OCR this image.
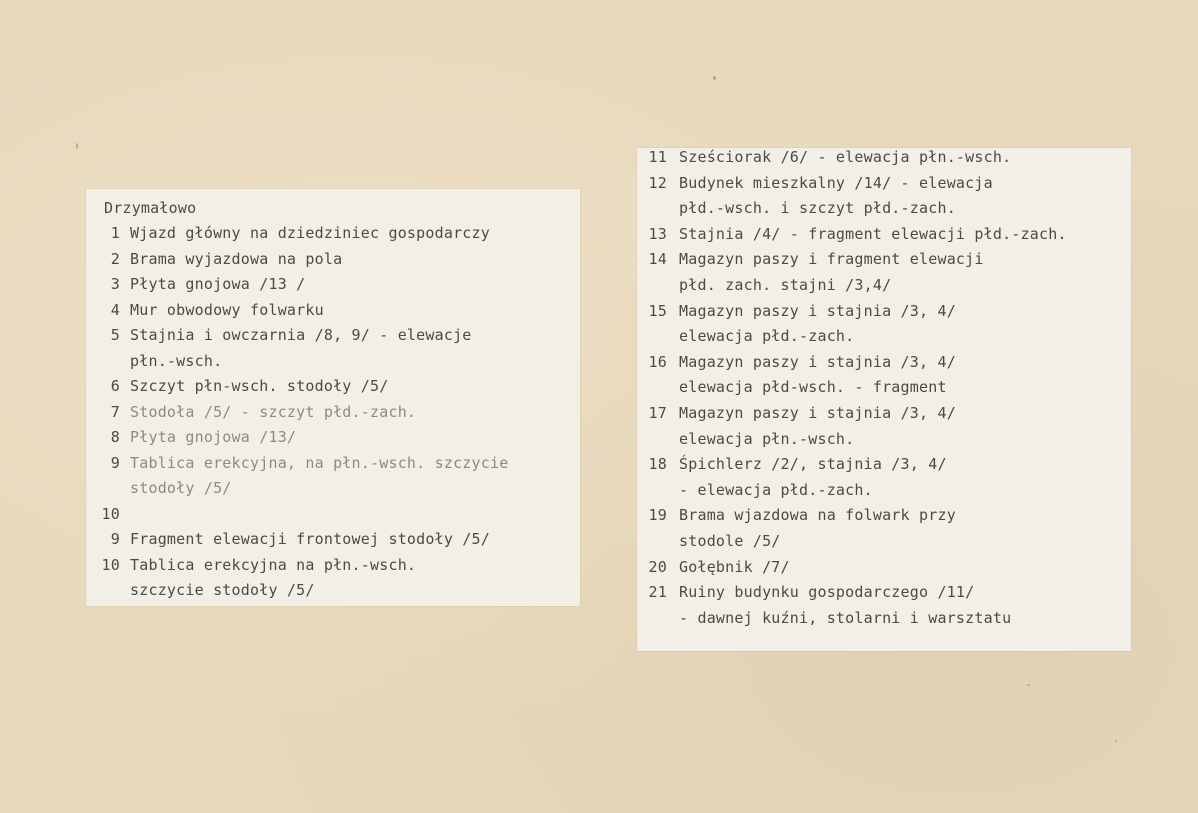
Drzymałowo
1 Wjazd główny na dziedziniec gospodarczy
2 Brama wyjazdowa na pola
3 Płyta gnojowa /13 /
4 Mur obwodowy folwarku
5 Stajnia i owczarnia /8, 9/ - elewacje
płn.-wsch.
6 Szczyt płn-wsch. stodoły /5/
7 Stodoła /5/ - szczyt płd.-zach.
8 Płyta gnojowa /13/
9 Tablica erekcyjna, na płn.-wsch. szczycie
stodoły /5/
10
9 Fragment elewacji frontowej stodoły /5/
10 Tablica erekcyjna na płn.-wsch.
szczycie stodoły /5/
11 Sześciorak /6/ - elewacja płn.-wsch.
12 Budynek mieszkalny /14/ - elewacja
płd.-wsch. i szczyt płd.-zach.
13 Stajnia /4/ - fragment elewacji płd.-zach.
14 Magazyn paszy i fragment elewacji
płd. zach. stajni /3,4/
15 Magazyn paszy i stajnia /3, 4/
elewacja płd.-zach.
16 Magazyn paszy i stajnia /3, 4/
elewacja płd-wsch. - fragment
17 Magazyn paszy i stajnia /3, 4/
elewacja płn.-wsch.
18 Śpichlerz /2/, stajnia /3, 4/
- elewacja płd.-zach.
19 Brama wjazdowa na folwark przy
stodole /5/
20 Gołębnik /7/
21 Ruiny budynku gospodarczego /11/
- dawnej kuźni, stolarni i warsztatu
